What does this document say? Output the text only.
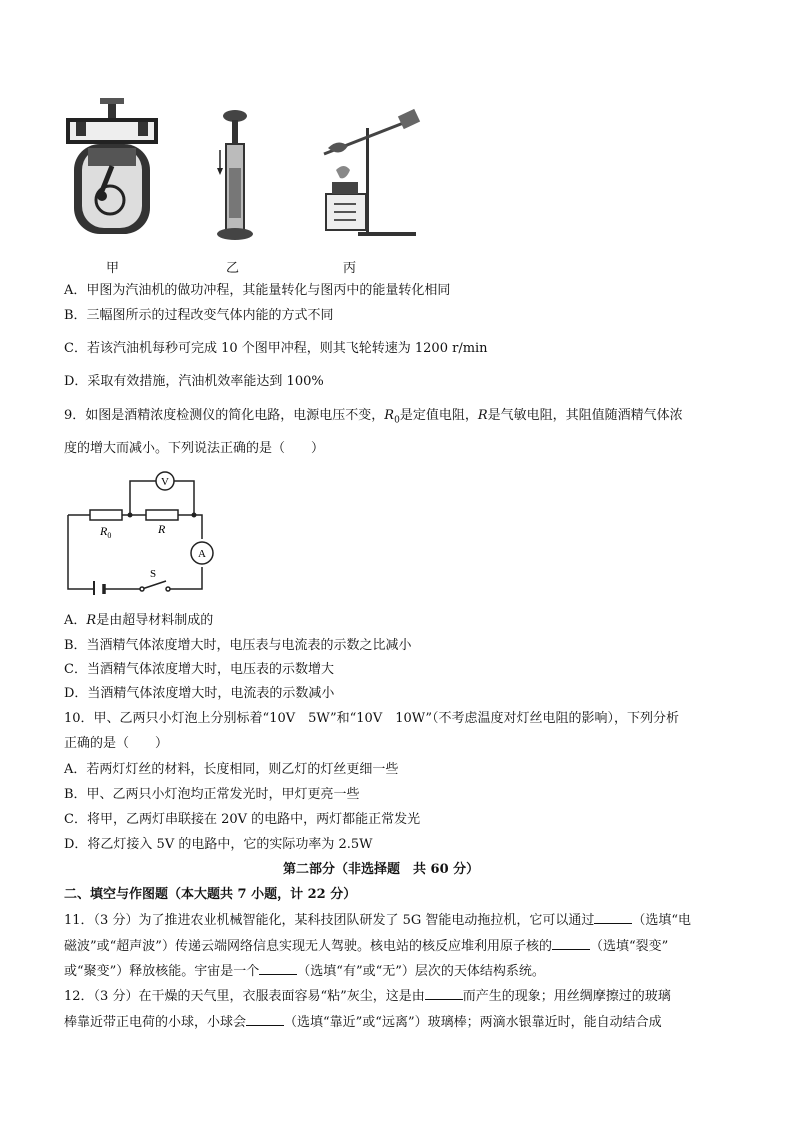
甲	乙	丙
A．甲图为汽油机的做功冲程，其能量转化与图丙中的能量转化相同
B．三幅图所示的过程改变气体内能的方式不同
C．若该汽油机每秒可完成 10 个图甲冲程，则其飞轮转速为 1200 r/min
D．采取有效措施，汽油机效率能达到 100%
9．如图是酒精浓度检测仪的简化电路，电源电压不变，$R_0$是定值电阻，R是气敏电阻，其阻值随酒精气体浓
度的增大而减小。下列说法正确的是（　　）
V
A
$R_0$	R
S
A．R是由超导材料制成的
B．当酒精气体浓度增大时，电压表与电流表的示数之比减小
C．当酒精气体浓度增大时，电压表的示数增大
D．当酒精气体浓度增大时，电流表的示数减小
10．甲、乙两只小灯泡上分别标着“10V　5W”和“10V　10W”（不考虑温度对灯丝电阻的影响），下列分析
正确的是（　　）
A．若两灯灯丝的材料，长度相同，则乙灯的灯丝更细一些
B．甲、乙两只小灯泡均正常发光时，甲灯更亮一些
C．将甲，乙两灯串联接在 20V 的电路中，两灯都能正常发光
D．将乙灯接入 5V 的电路中，它的实际功率为 2.5W
第二部分（非选择题　共 60 分）
二、填空与作图题（本大题共 7 小题，计 22 分）
11．（3 分）为了推进农业机械智能化，某科技团队研发了 5G 智能电动拖拉机，它可以通过	（选填“电
磁波”或“超声波”）传递云端网络信息实现无人驾驶。核电站的核反应堆利用原子核的	（选填“裂变”
或“聚变”）释放核能。宇宙是一个	（选填“有”或“无”）层次的天体结构系统。
12．（3 分）在干燥的天气里，衣服表面容易“粘”灰尘，这是由	而产生的现象；用丝绸摩擦过的玻璃
棒靠近带正电荷的小球，小球会	（选填“靠近”或“远离”）玻璃棒；两滴水银靠近时，能自动结合成
